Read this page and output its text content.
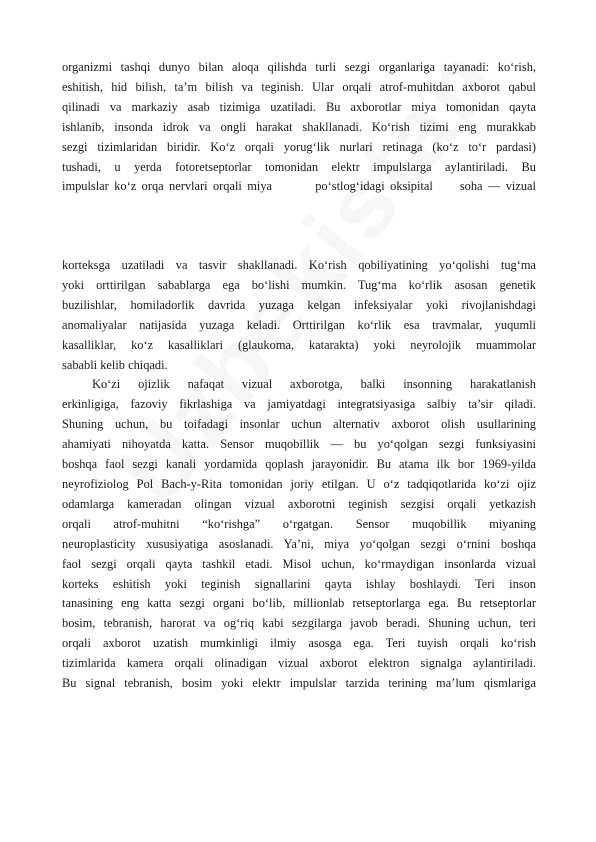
organizmi tashqi dunyo bilan aloqa qilishda turli sezgi organlariga tayanadi: ko‘rish,

eshitish, hid bilish, ta’m bilish va teginish. Ular orqali atrof-muhitdan axborot qabul

qilinadi va markaziy asab tizimiga uzatiladi. Bu axborotlar miya tomonidan qayta

ishlanib, insonda idrok va ongli harakat shakllanadi. Ko‘rish tizimi eng murakkab

sezgi tizimlaridan biridir. Ko‘z orqali yorug‘lik nurlari retinaga (ko‘z to‘r pardasi)

tushadi, u yerda fotoretseptorlar tomonidan elektr impulslarga aylantiriladi. Bu

impulslar ko‘z orqa nervlari orqali miya        po‘stlog‘idagi oksipital     soha — vizual

korteksga uzatiladi va tasvir shakllanadi. Ko‘rish qobiliyatining yo‘qolishi tug‘ma

yoki orttirilgan sabablarga ega bo‘lishi mumkin. Tug‘ma ko‘rlik asosan genetik

buzilishlar, homiladorlik davrida yuzaga kelgan infeksiyalar yoki rivojlanishdagi

anomaliyalar natijasida yuzaga keladi. Orttirilgan ko‘rlik esa travmalar, yuqumli

kasalliklar, ko‘z kasalliklari (glaukoma, katarakta) yoki neyrolojik muammolar

sababli kelib chiqadi.

Ko‘zi ojizlik nafaqat vizual axborotga, balki insonning harakatlanish

erkinligiga, fazoviy fikrlashiga va jamiyatdagi integratsiyasiga salbiy ta’sir qiladi.

Shuning uchun, bu toifadagi insonlar uchun alternativ axborot olish usullarining

ahamiyati nihoyatda katta. Sensor muqobillik — bu yo‘qolgan sezgi funksiyasini

boshqa faol sezgi kanali yordamida qoplash jarayonidir. Bu atama ilk bor 1969-yilda

neyrofiziolog Pol Bach-y-Rita tomonidan joriy etilgan. U o‘z tadqiqotlarida ko‘zi ojiz

odamlarga kameradan olingan vizual axborotni teginish sezgisi orqali yetkazish

orqali atrof-muhitni “ko‘rishga” o‘rgatgan. Sensor muqobillik miyaning

neuroplasticity xususiyatiga asoslanadi. Ya’ni, miya yo‘qolgan sezgi o‘rnini boshqa

faol sezgi orqali qayta tashkil etadi. Misol uchun, ko‘rmaydigan insonlarda vizual

korteks eshitish yoki teginish signallarini qayta ishlay boshlaydi. Teri inson

tanasining eng katta sezgi organi bo‘lib, millionlab retseptorlarga ega. Bu retseptorlar

bosim, tebranish, harorat va og‘riq kabi sezgilarga javob beradi. Shuning uchun, teri

orqali axborot uzatish mumkinligi ilmiy asosga ega. Teri tuyish orqali ko‘rish

tizimlarida kamera orqali olinadigan vizual axborot elektron signalga aylantiriladi.

Bu signal tebranish, bosim yoki elektr impulslar tarzida terining ma’lum qismlariga
